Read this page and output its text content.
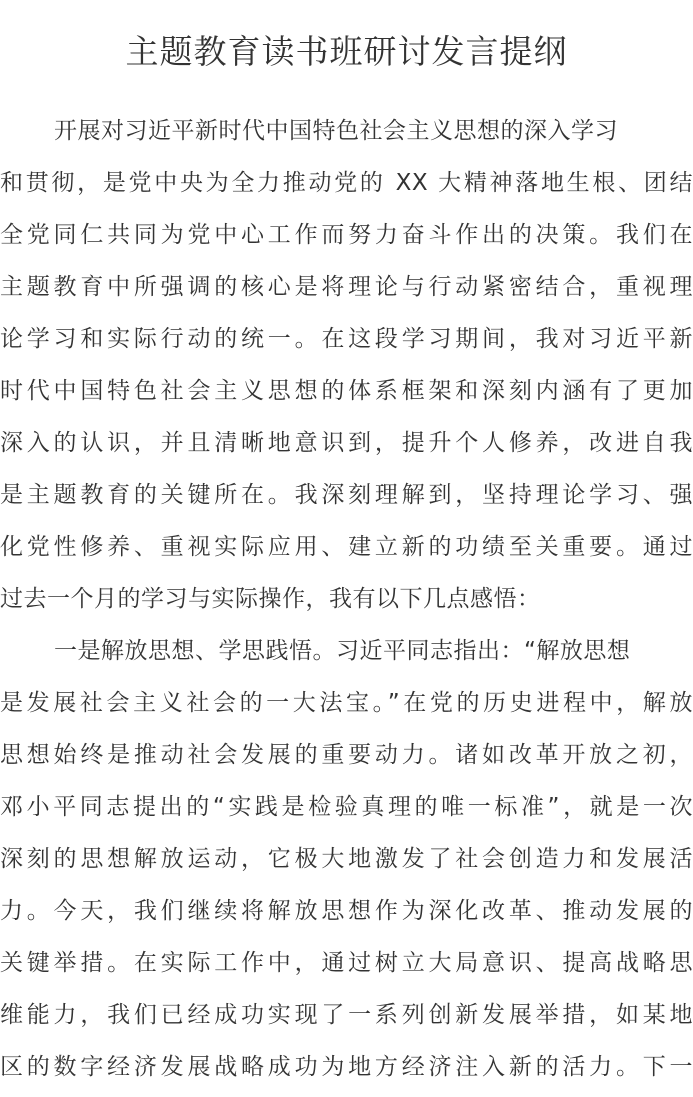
主题教育读书班研讨发言提纲
开展对习近平新时代中国特色社会主义思想的深入学习
和贯彻，是党中央为全力推动党的 XX 大精神落地生根、团结
全党同仁共同为党中心工作而努力奋斗作出的决策。我们在
主题教育中所强调的核心是将理论与行动紧密结合，重视理
论学习和实际行动的统一。在这段学习期间，我对习近平新
时代中国特色社会主义思想的体系框架和深刻内涵有了更加
深入的认识，并且清晰地意识到，提升个人修养，改进自我
是主题教育的关键所在。我深刻理解到，坚持理论学习、强
化党性修养、重视实际应用、建立新的功绩至关重要。通过
过去一个月的学习与实际操作，我有以下几点感悟：
一是解放思想、学思践悟。习近平同志指出：“解放思想
是发展社会主义社会的一大法宝。”在党的历史进程中，解放
思想始终是推动社会发展的重要动力。诸如改革开放之初，
邓小平同志提出的“实践是检验真理的唯一标准”，就是一次
深刻的思想解放运动，它极大地激发了社会创造力和发展活
力。今天，我们继续将解放思想作为深化改革、推动发展的
关键举措。在实际工作中，通过树立大局意识、提高战略思
维能力，我们已经成功实现了一系列创新发展举措，如某地
区的数字经济发展战略成功为地方经济注入新的活力。下一
